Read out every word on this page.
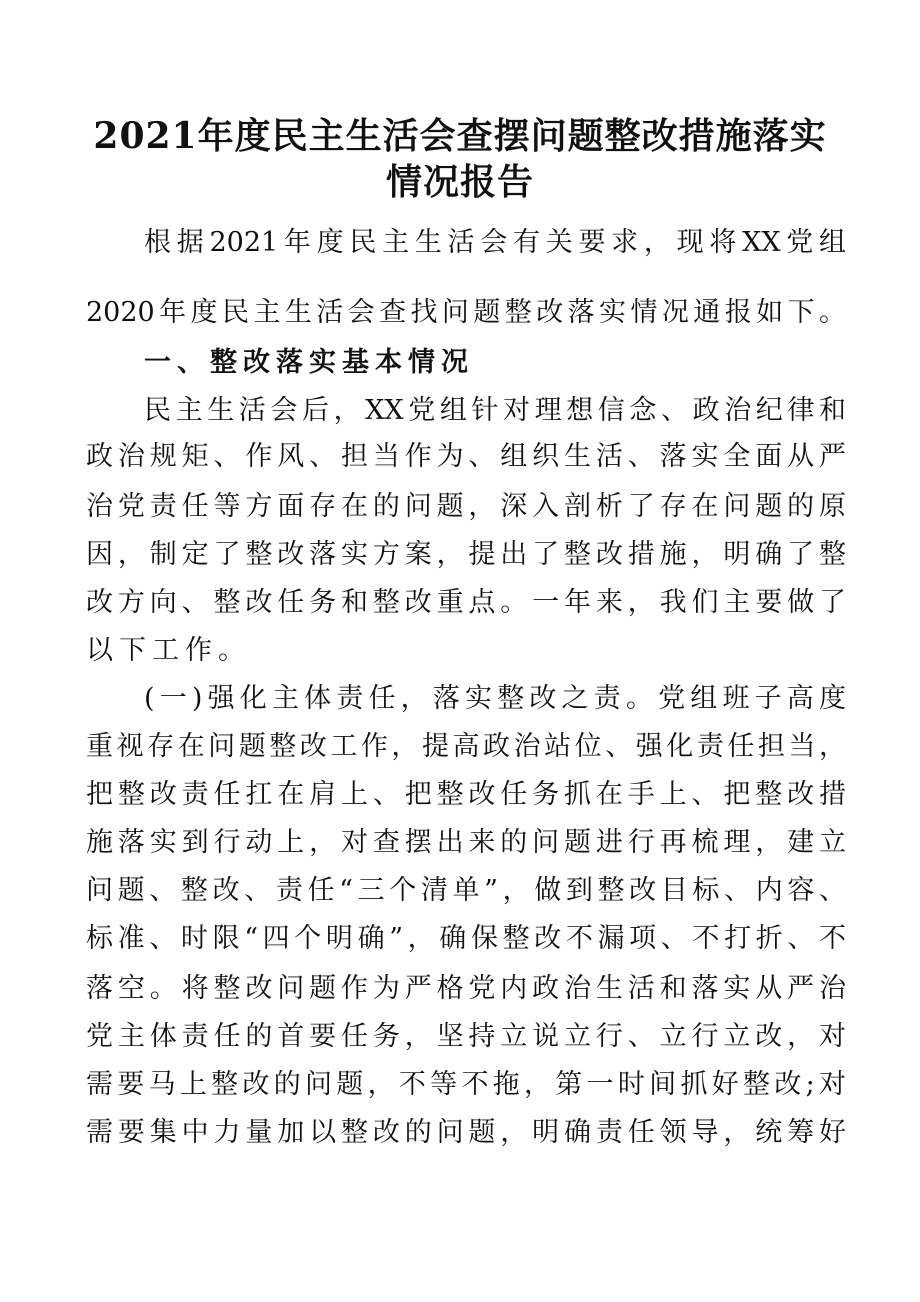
2021年度民主生活会查摆问题整改措施落实
情况报告
根据2021年度民主生活会有关要求，现将XX党组
2020年度民主生活会查找问题整改落实情况通报如下。
一、整改落实基本情况
民主生活会后，XX党组针对理想信念、政治纪律和
政治规矩、作风、担当作为、组织生活、落实全面从严
治党责任等方面存在的问题，深入剖析了存在问题的原
因，制定了整改落实方案，提出了整改措施，明确了整
改方向、整改任务和整改重点。一年来，我们主要做了
以下工作。
(一)强化主体责任，落实整改之责。党组班子高度
重视存在问题整改工作，提高政治站位、强化责任担当，
把整改责任扛在肩上、把整改任务抓在手上、把整改措
施落实到行动上，对查摆出来的问题进行再梳理，建立
问题、整改、责任“三个清单”，做到整改目标、内容、
标准、时限“四个明确”，确保整改不漏项、不打折、不
落空。将整改问题作为严格党内政治生活和落实从严治
党主体责任的首要任务，坚持立说立行、立行立改，对
需要马上整改的问题，不等不拖，第一时间抓好整改;对
需要集中力量加以整改的问题，明确责任领导，统筹好
